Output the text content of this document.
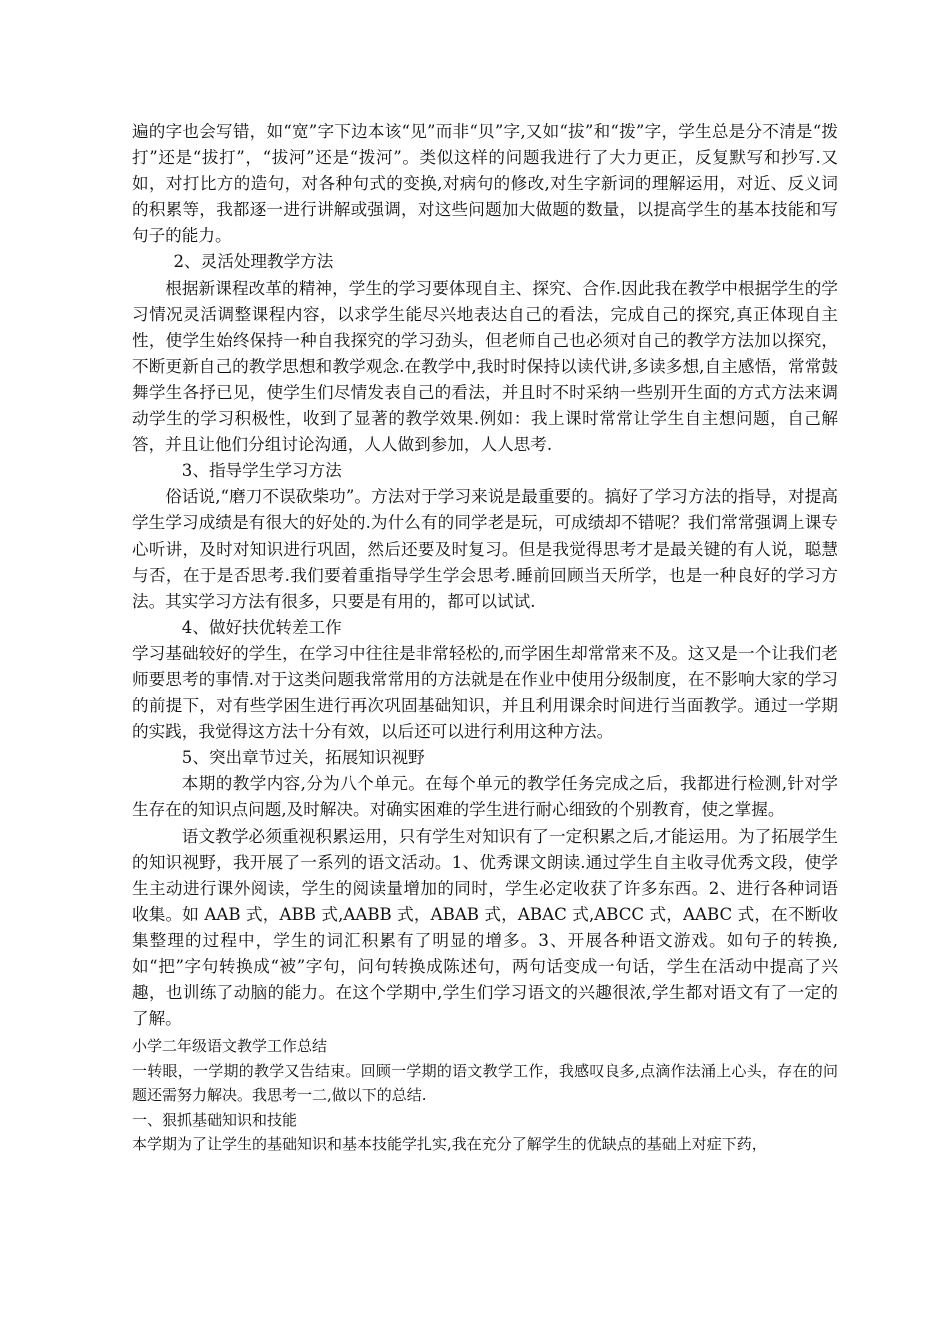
遍的字也会写错，如“宽”字下边本该“见”而非“贝”字,又如“拔”和“拨”字，学生总是分不清是“拨打”还是“拔打”，“拔河”还是“拨河”。类似这样的问题我进行了大力更正，反复默写和抄写.又如，对打比方的造句，对各种句式的变换,对病句的修改,对生字新词的理解运用，对近、反义词的积累等，我都逐一进行讲解或强调，对这些问题加大做题的数量，以提高学生的基本技能和写句子的能力。

2、灵活处理教学方法

根据新课程改革的精神，学生的学习要体现自主、探究、合作.因此我在教学中根据学生的学习情况灵活调整课程内容，以求学生能尽兴地表达自己的看法，完成自己的探究,真正体现自主性，使学生始终保持一种自我探究的学习劲头，但老师自己也必须对自己的教学方法加以探究，不断更新自己的教学思想和教学观念.在教学中,我时时保持以读代讲,多读多想,自主感悟，常常鼓舞学生各抒已见，使学生们尽情发表自己的看法，并且时不时采纳一些别开生面的方式方法来调动学生的学习积极性，收到了显著的教学效果.例如：我上课时常常让学生自主想问题，自己解答，并且让他们分组讨论沟通，人人做到参加，人人思考.

3、指导学生学习方法

俗话说,“磨刀不误砍柴功”。方法对于学习来说是最重要的。搞好了学习方法的指导，对提高学生学习成绩是有很大的好处的.为什么有的同学老是玩，可成绩却不错呢？我们常常强调上课专心听讲，及时对知识进行巩固，然后还要及时复习。但是我觉得思考才是最关键的有人说，聪慧与否，在于是否思考.我们要着重指导学生学会思考.睡前回顾当天所学，也是一种良好的学习方法。其实学习方法有很多，只要是有用的，都可以试试.

4、做好扶优转差工作

学习基础较好的学生，在学习中往往是非常轻松的,而学困生却常常来不及。这又是一个让我们老师要思考的事情.对于这类问题我常常用的方法就是在作业中使用分级制度，在不影响大家的学习的前提下，对有些学困生进行再次巩固基础知识，并且利用课余时间进行当面教学。通过一学期的实践，我觉得这方法十分有效，以后还可以进行利用这种方法。

5、突出章节过关，拓展知识视野

本期的教学内容,分为八个单元。在每个单元的教学任务完成之后，我都进行检测,针对学生存在的知识点问题,及时解决。对确实困难的学生进行耐心细致的个别教育，使之掌握。

语文教学必须重视积累运用，只有学生对知识有了一定积累之后,才能运用。为了拓展学生的知识视野，我开展了一系列的语文活动。1、优秀课文朗读.通过学生自主收寻优秀文段，使学生主动进行课外阅读，学生的阅读量增加的同时，学生必定收获了许多东西。2、进行各种词语收集。如 AAB 式，ABB 式,AABB 式，ABAB 式，ABAC 式,ABCC 式，AABC 式，在不断收集整理的过程中，学生的词汇积累有了明显的增多。3、开展各种语文游戏。如句子的转换,如“把”字句转换成“被”字句，问句转换成陈述句，两句话变成一句话，学生在活动中提高了兴趣，也训练了动脑的能力。在这个学期中,学生们学习语文的兴趣很浓,学生都对语文有了一定的了解。

小学二年级语文教学工作总结

一转眼，一学期的教学又告结束。回顾一学期的语文教学工作，我感叹良多,点滴作法涌上心头，存在的问题还需努力解决。我思考一二,做以下的总结.

一、狠抓基础知识和技能

本学期为了让学生的基础知识和基本技能学扎实,我在充分了解学生的优缺点的基础上对症下药，
